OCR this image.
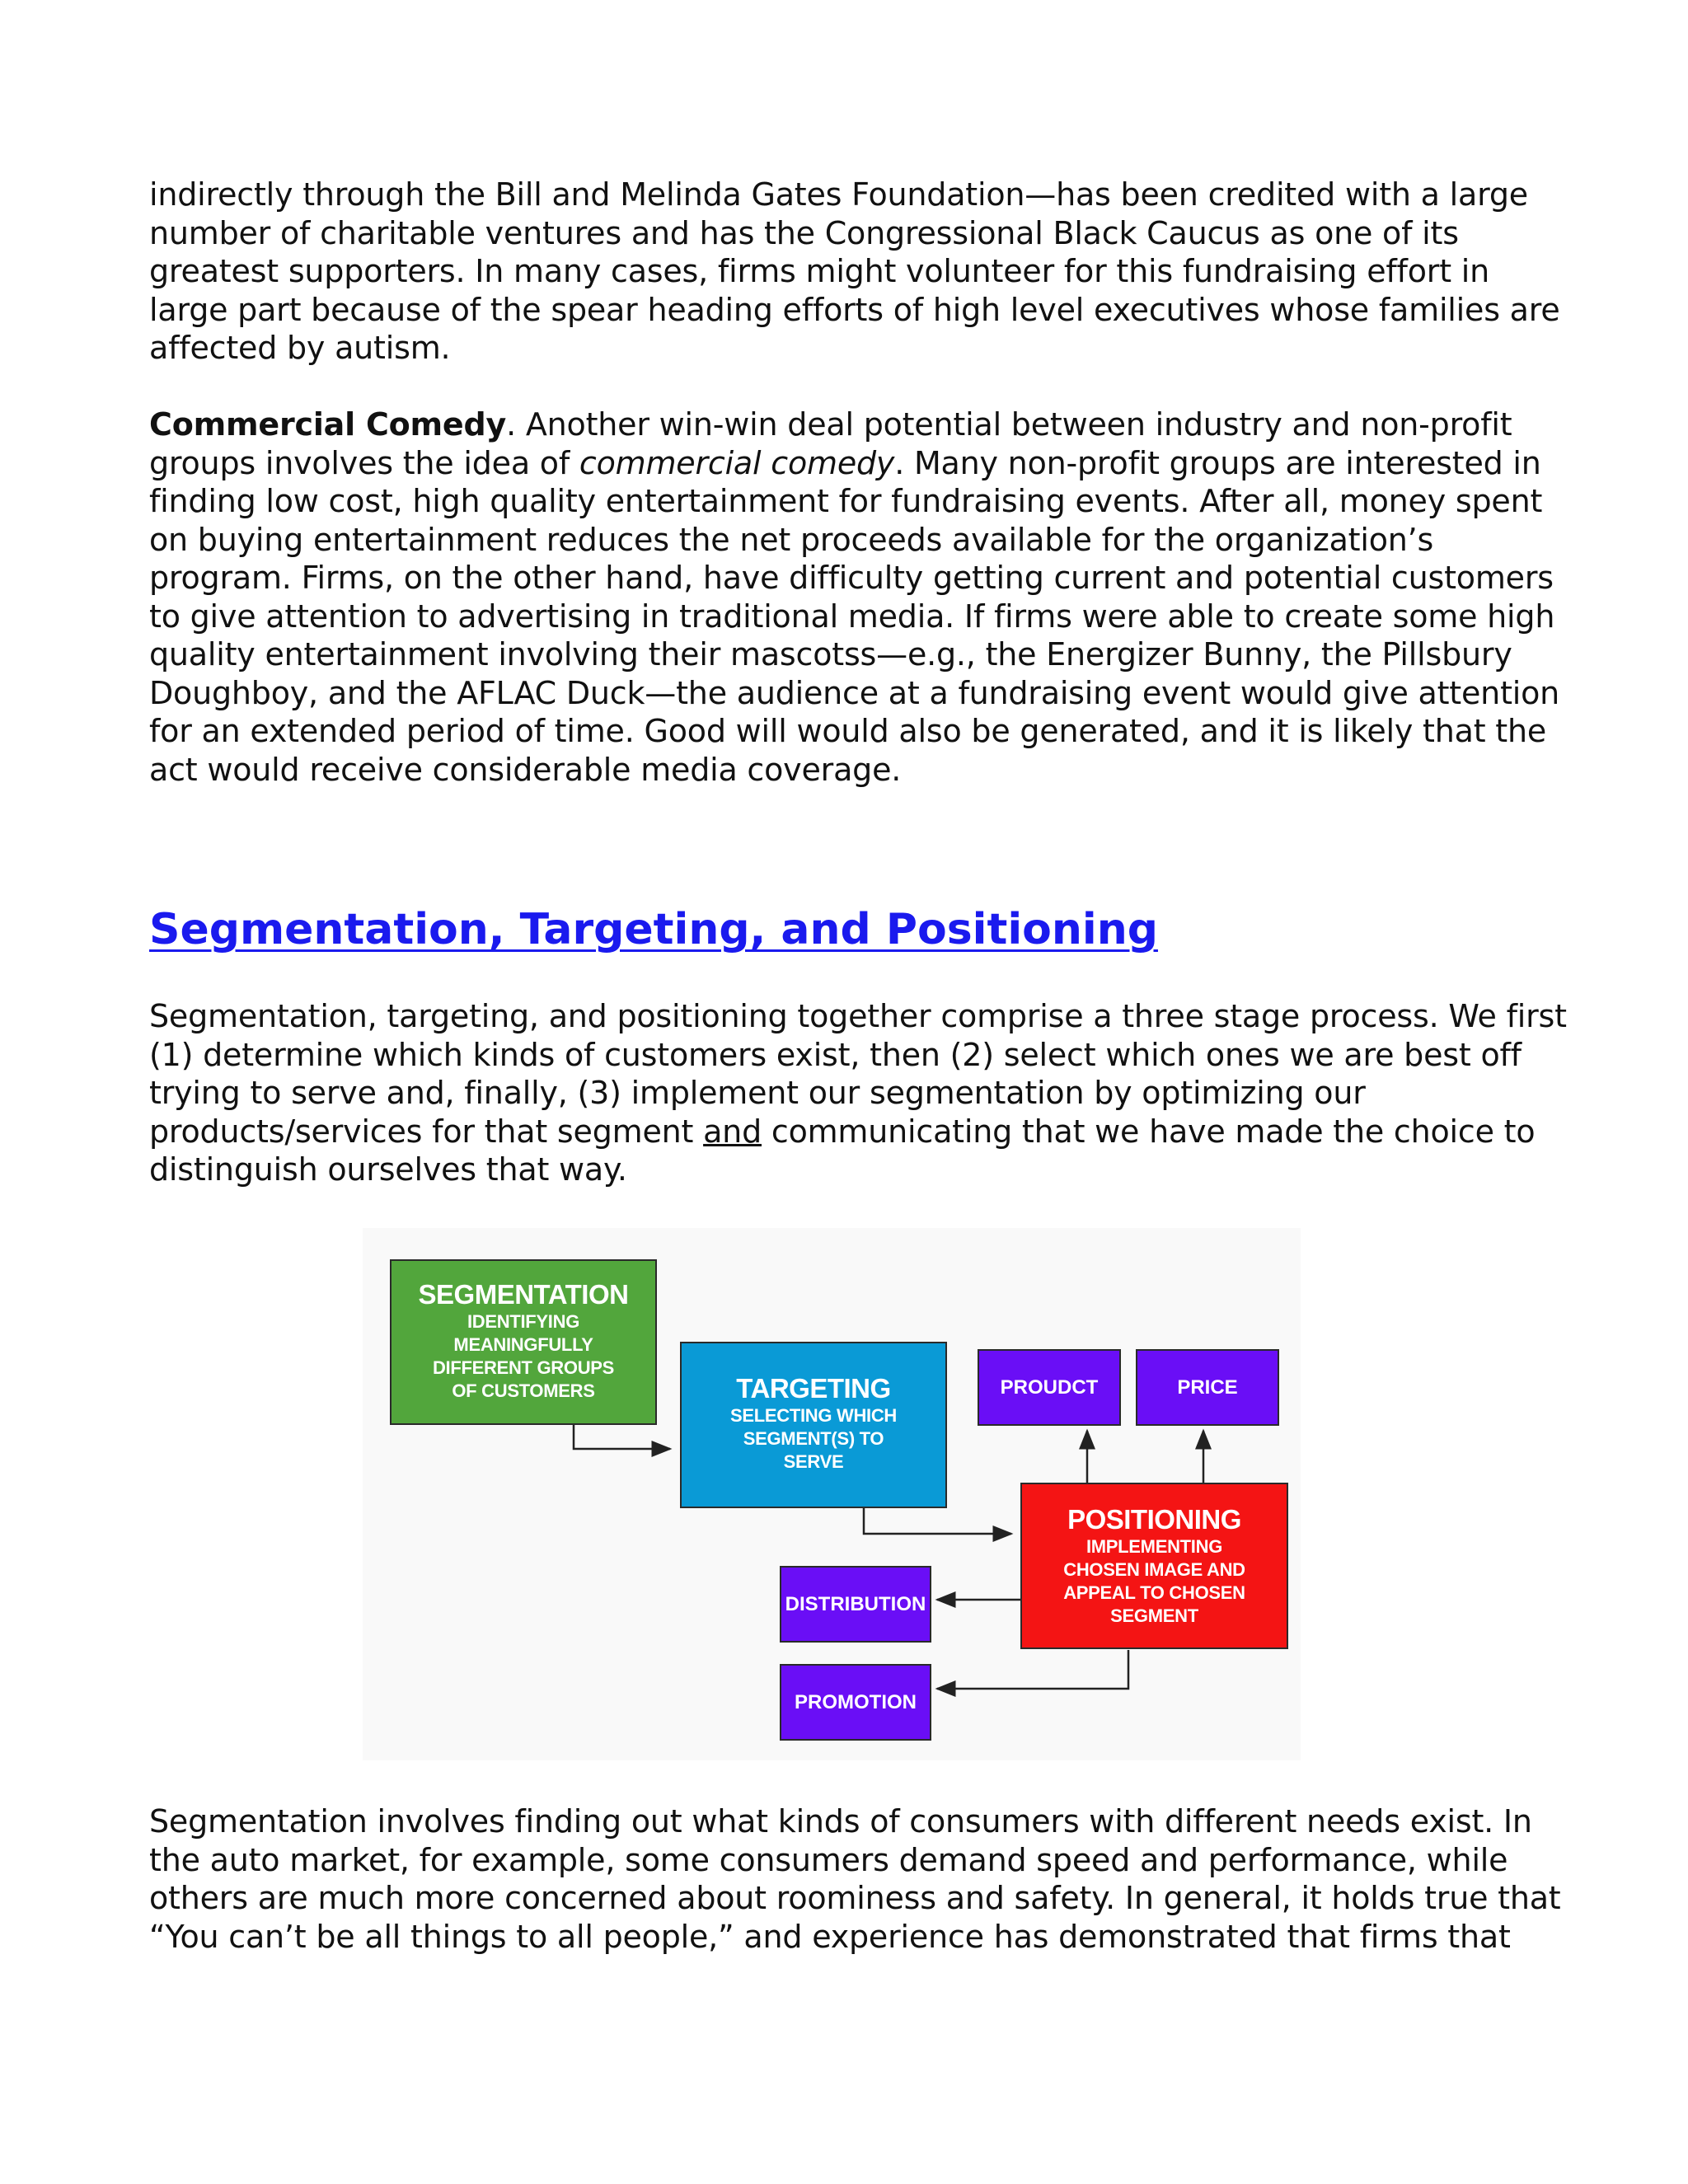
indirectly through the Bill and Melinda Gates Foundation—has been credited with a large
number of charitable ventures and has the Congressional Black Caucus as one of its
greatest supporters. In many cases, firms might volunteer for this fundraising effort in
large part because of the spear heading efforts of high level executives whose families are
affected by autism.
Commercial Comedy. Another win-win deal potential between industry and non-profit
groups involves the idea of commercial comedy. Many non-profit groups are interested in
finding low cost, high quality entertainment for fundraising events. After all, money spent
on buying entertainment reduces the net proceeds available for the organization’s
program. Firms, on the other hand, have difficulty getting current and potential customers
to give attention to advertising in traditional media. If firms were able to create some high
quality entertainment involving their mascotss—e.g., the Energizer Bunny, the Pillsbury
Doughboy, and the AFLAC Duck—the audience at a fundraising event would give attention
for an extended period of time. Good will would also be generated, and it is likely that the
act would receive considerable media coverage.
Segmentation, Targeting, and Positioning
Segmentation, targeting, and positioning together comprise a three stage process. We first
(1) determine which kinds of customers exist, then (2) select which ones we are best off
trying to serve and, finally, (3) implement our segmentation by optimizing our
products/services for that segment and communicating that we have made the choice to
distinguish ourselves that way.
SEGMENTATION
IDENTIFYING
MEANINGFULLY
DIFFERENT GROUPS
OF CUSTOMERS	TARGETING
SELECTING WHICH
SEGMENT(S) TO
SERVE
PROUDCT	PRICE
POSITIONING
IMPLEMENTING
CHOSEN IMAGE AND
APPEAL TO CHOSEN
SEGMENT
DISTRIBUTION
PROMOTION
Segmentation involves finding out what kinds of consumers with different needs exist. In
the auto market, for example, some consumers demand speed and performance, while
others are much more concerned about roominess and safety. In general, it holds true that
“You can’t be all things to all people,” and experience has demonstrated that firms that
